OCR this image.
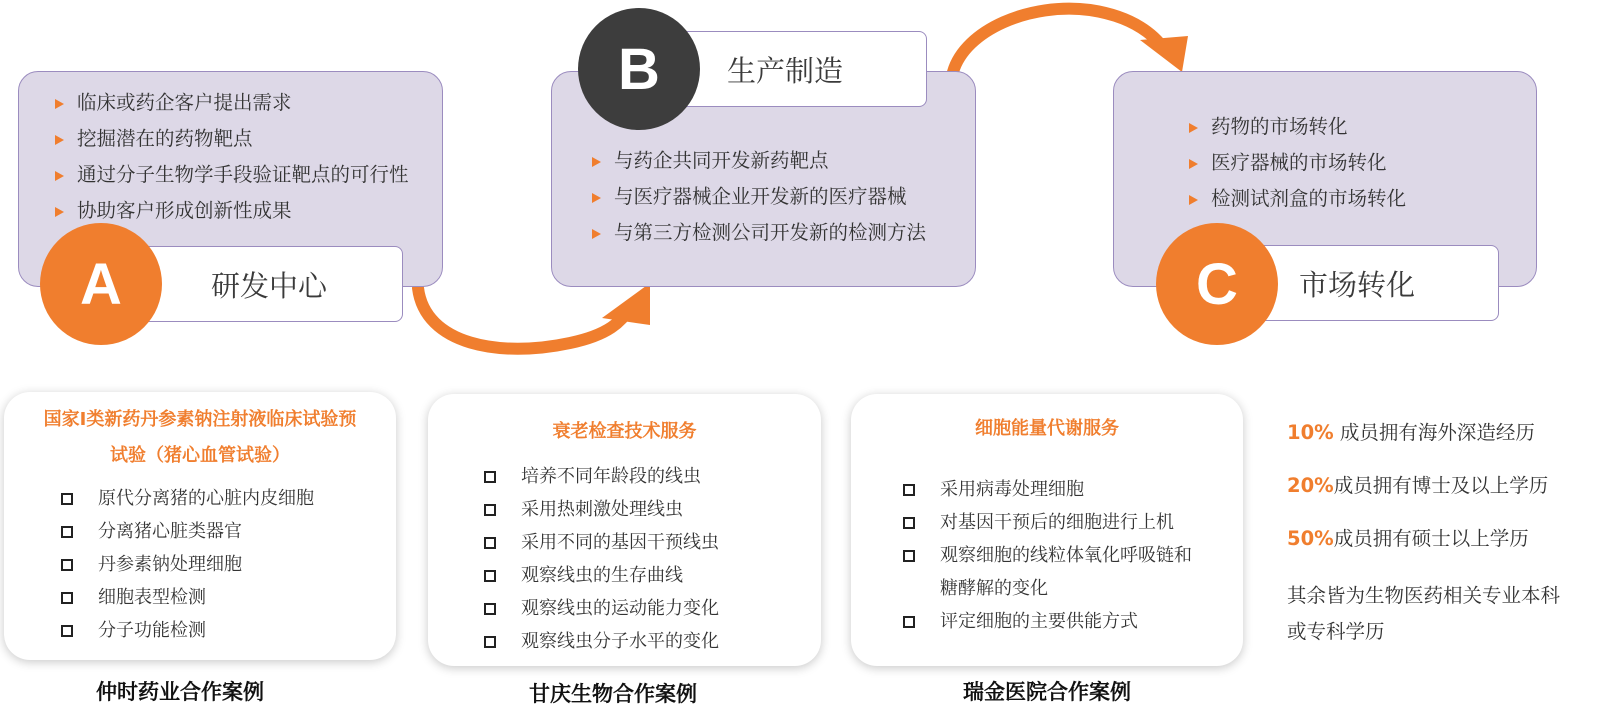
临床或药企客户提出需求
挖掘潜在的药物靶点
通过分子生物学手段验证靶点的可行性
协助客户形成创新性成果
研发中心
A
生产制造
B
与药企共同开发新药靶点
与医疗器械企业开发新的医疗器械
与第三方检测公司开发新的检测方法
药物的市场转化
医疗器械的市场转化
检测试剂盒的市场转化
市场转化
C
国家Ⅰ类新药丹参素钠注射液临床试验预
试验（猪心血管试验）
原代分离猪的心脏内皮细胞
分离猪心脏类器官
丹参素钠处理细胞
细胞表型检测
分子功能检测
仲时药业合作案例
衰老检查技术服务
培养不同年龄段的线虫
采用热刺激处理线虫
采用不同的基因干预线虫
观察线虫的生存曲线
观察线虫的运动能力变化
观察线虫分子水平的变化
甘庆生物合作案例
细胞能量代谢服务
采用病毒处理细胞
对基因干预后的细胞进行上机
观察细胞的线粒体氧化呼吸链和
糖酵解的变化
评定细胞的主要供能方式
瑞金医院合作案例
10% 成员拥有海外深造经历
20%成员拥有博士及以上学历
50%成员拥有硕士以上学历
其余皆为生物医药相关专业本科
或专科学历
